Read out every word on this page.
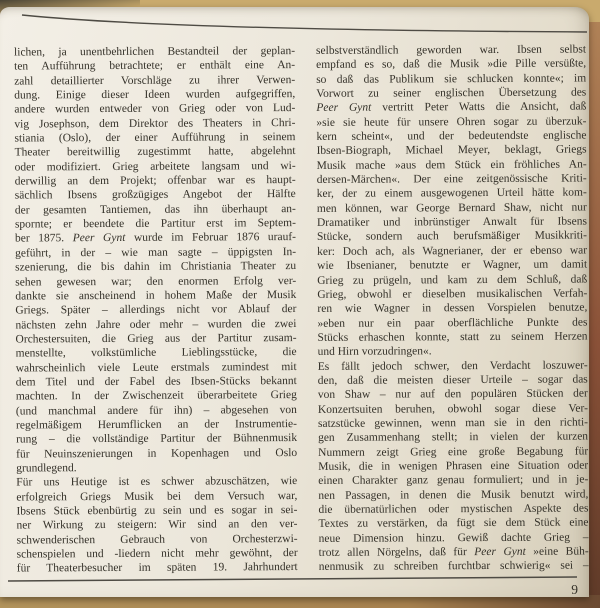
lichen, ja unentbehrlichen Bestandteil der geplan-
ten Aufführung betrachtete; er enthält eine An-
zahl detaillierter Vorschläge zu ihrer Verwen-
dung. Einige dieser Ideen wurden aufgegriffen,
andere wurden entweder von Grieg oder von Lud-
vig Josephson, dem Direktor des Theaters in Chri-
stiania (Oslo), der einer Aufführung in seinem
Theater bereitwillig zugestimmt hatte, abgelehnt
oder modifiziert. Grieg arbeitete langsam und wi-
derwillig an dem Projekt; offenbar war es haupt-
sächlich Ibsens großzügiges Angebot der Hälfte
der gesamten Tantiemen, das ihn überhaupt an-
spornte; er beendete die Partitur erst im Septem-
ber 1875. Peer Gynt wurde im Februar 1876 urauf-
geführt, in der – wie man sagte – üppigsten In-
szenierung, die bis dahin im Christiania Theater zu
sehen gewesen war; den enormen Erfolg ver-
dankte sie anscheinend in hohem Maße der Musik
Griegs. Später – allerdings nicht vor Ablauf der
nächsten zehn Jahre oder mehr – wurden die zwei
Orchestersuiten, die Grieg aus der Partitur zusam-
menstellte, volkstümliche Lieblingsstücke, die
wahrscheinlich viele Leute erstmals zumindest mit
dem Titel und der Fabel des Ibsen-Stücks bekannt
machten. In der Zwischenzeit überarbeitete Grieg
(und manchmal andere für ihn) – abgesehen von
regelmäßigem Herumflicken an der Instrumentie-
rung – die vollständige Partitur der Bühnenmusik
für Neuinszenierungen in Kopenhagen und Oslo
grundlegend.
Für uns Heutige ist es schwer abzuschätzen, wie
erfolgreich Griegs Musik bei dem Versuch war,
Ibsens Stück ebenbürtig zu sein und es sogar in sei-
ner Wirkung zu steigern: Wir sind an den ver-
schwenderischen Gebrauch von Orchesterzwi-
schenspielen und -liedern nicht mehr gewöhnt, der
für Theaterbesucher im späten 19. Jahrhundert
selbstverständlich geworden war. Ibsen selbst
empfand es so, daß die Musik »die Pille versüßte,
so daß das Publikum sie schlucken konnte«; im
Vorwort zu seiner englischen Übersetzung des
Peer Gynt vertritt Peter Watts die Ansicht, daß
»sie sie heute für unsere Ohren sogar zu überzuk-
kern scheint«, und der bedeutendste englische
Ibsen-Biograph, Michael Meyer, beklagt, Griegs
Musik mache »aus dem Stück ein fröhliches An-
dersen-Märchen«. Der eine zeitgenössische Kriti-
ker, der zu einem ausgewogenen Urteil hätte kom-
men können, war George Bernard Shaw, nicht nur
Dramatiker und inbrünstiger Anwalt für Ibsens
Stücke, sondern auch berufsmäßiger Musikkriti-
ker: Doch ach, als Wagnerianer, der er ebenso war
wie Ibsenianer, benutzte er Wagner, um damit
Grieg zu prügeln, und kam zu dem Schluß, daß
Grieg, obwohl er dieselben musikalischen Verfah-
ren wie Wagner in dessen Vorspielen benutze,
»eben nur ein paar oberflächliche Punkte des
Stücks erhaschen konnte, statt zu seinem Herzen
und Hirn vorzudringen«.
Es fällt jedoch schwer, den Verdacht loszuwer-
den, daß die meisten dieser Urteile – sogar das
von Shaw – nur auf den populären Stücken der
Konzertsuiten beruhen, obwohl sogar diese Ver-
satzstücke gewinnen, wenn man sie in den richti-
gen Zusammenhang stellt; in vielen der kurzen
Nummern zeigt Grieg eine große Begabung für
Musik, die in wenigen Phrasen eine Situation oder
einen Charakter ganz genau formuliert; und in je-
nen Passagen, in denen die Musik benutzt wird,
die übernatürlichen oder mystischen Aspekte des
Textes zu verstärken, da fügt sie dem Stück eine
neue Dimension hinzu. Gewiß dachte Grieg –
trotz allen Nörgelns, daß für Peer Gynt »eine Büh-
nenmusik zu schreiben furchtbar schwierig« sei –
9
